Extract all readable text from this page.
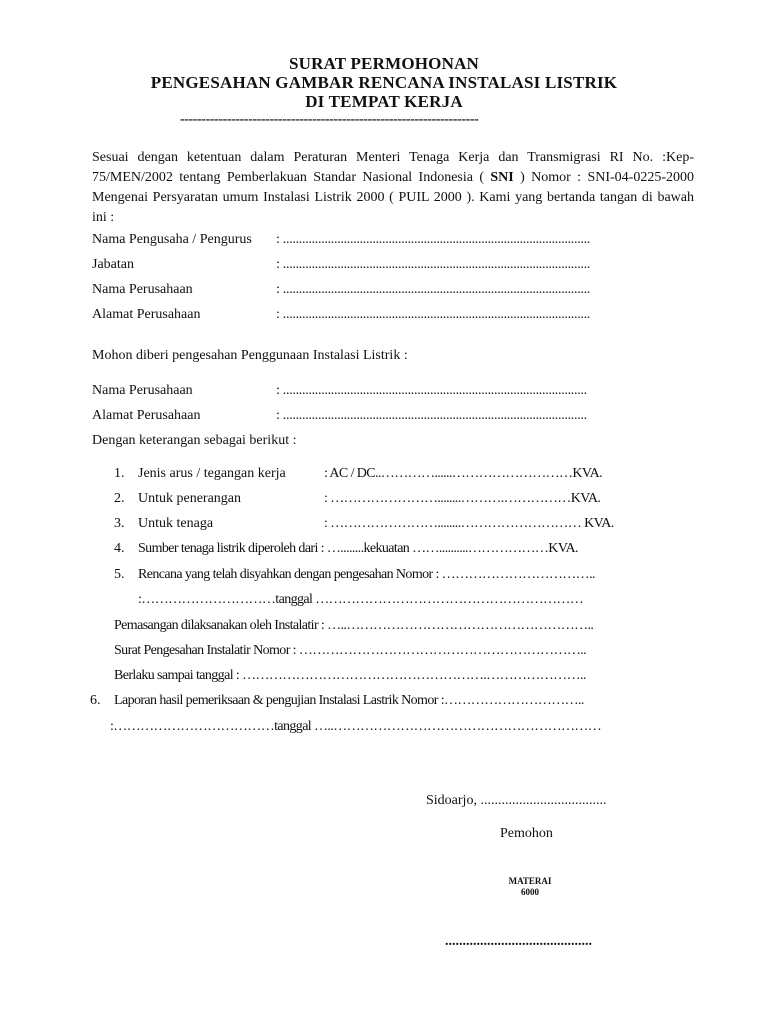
SURAT PERMOHONAN
PENGESAHAN GAMBAR RENCANA INSTALASI LISTRIK
DI TEMPAT KERJA
----------------------------------------------------------------------
Sesuai dengan ketentuan dalam Peraturan Menteri Tenaga Kerja dan Transmigrasi RI No. :Kep-75/MEN/2002 tentang Pemberlakuan Standar Nasional Indonesia ( SNI ) Nomor : SNI-04-0225-2000 Mengenai Persyaratan umum Instalasi Listrik 2000 ( PUIL 2000 ). Kami yang bertanda tangan di bawah ini :
Nama Pengusaha / Pengurus : ................................................................................................
Jabatan	: ................................................................................................
Nama Perusahaan	: ................................................................................................
Alamat Perusahaan	: ................................................................................................
Mohon diberi pengesahan Penggunaan Instalasi Listrik :
Nama Perusahaan	: ...............................................................................................
Alamat Perusahaan	: ...............................................................................................
Dengan keterangan sebagai berikut :
1. Jenis arus / tegangan kerja	: AC / DC..…………......………………………KVA.
2. Untuk penerangan	: ……………………........……….……………KVA.
3. Untuk tenaga	: ……………………........……………………… KVA.
4. Sumber tenaga listrik diperoleh dari : …........kekuatan ……..........………………KVA.
5. Rencana yang telah disyahkan dengan pengesahan Nomor : ……………………………..
:…………………………tanggal ……………………………………………………
Pemasangan dilaksanakan oleh Instalatir : …..………………………………………………..
Surat Pengesahan Instalatir Nomor : ………………………………………………………..
Berlaku sampai tanggal : ……………………………………………….…………………..
6. Laporan hasil pemeriksaan & pengujian Instalasi Lastrik Nomor :…………………………..
:………………………………tanggal …..……………………………………………………
Sidoarjo, ....................................
Pemohon
MATERAI
6000
..........................................
